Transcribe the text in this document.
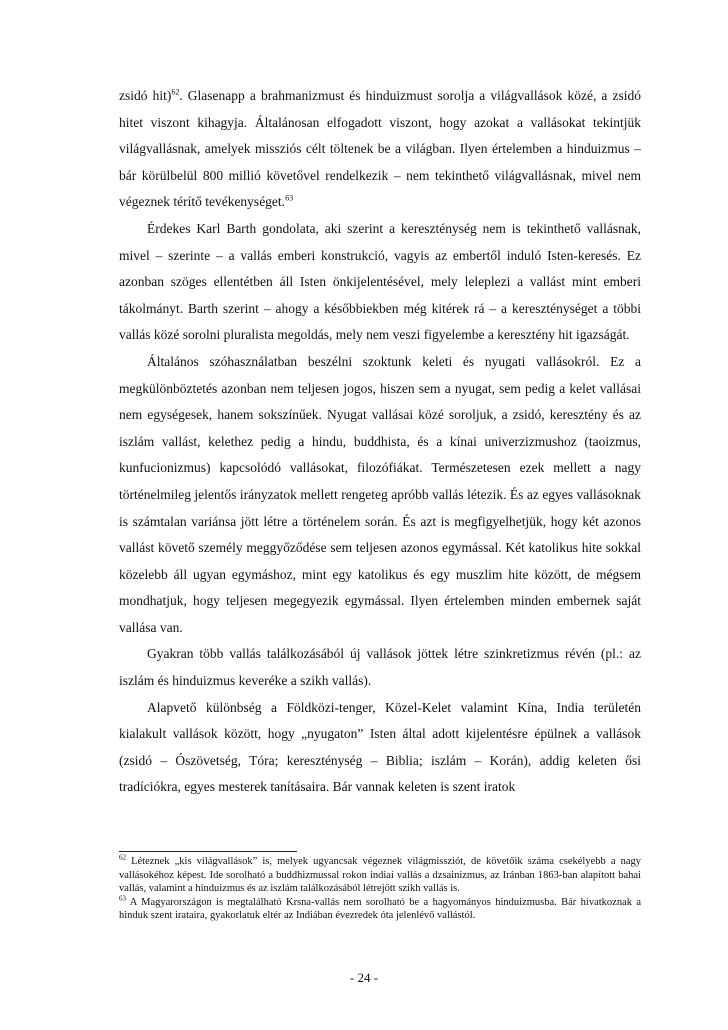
zsidó hit)$^{62}$. Glasenapp a brahmanizmust és hinduizmust sorolja a világvallások közé, a zsidó hitet viszont kihagyja. Általánosan elfogadott viszont, hogy azokat a vallásokat tekintjük világvallásnak, amelyek missziós célt töltenek be a világban. Ilyen értelemben a hinduizmus – bár körülbelül 800 millió követővel rendelkezik – nem tekinthető világvallásnak, mivel nem végeznek térítő tevékenységet.$^{63}$

Érdekes Karl Barth gondolata, aki szerint a kereszténység nem is tekinthető vallásnak, mivel – szerinte – a vallás emberi konstrukció, vagyis az embertől induló Isten-keresés. Ez azonban szöges ellentétben áll Isten önkijelentésével, mely leleplezi a vallást mint emberi tákolmányt. Barth szerint – ahogy a későbbiekben még kitérek rá – a kereszténységet a többi vallás közé sorolni pluralista megoldás, mely nem veszi figyelembe a keresztény hit igazságát.

Általános szóhasználatban beszélni szoktunk keleti és nyugati vallásokról. Ez a megkülönböztetés azonban nem teljesen jogos, hiszen sem a nyugat, sem pedig a kelet vallásai nem egységesek, hanem sokszínűek. Nyugat vallásai közé soroljuk, a zsidó, keresztény és az iszlám vallást, kelethez pedig a hindu, buddhista, és a kínai univerzizmushoz (taoizmus, kunfucionizmus) kapcsolódó vallásokat, filozófiákat. Természetesen ezek mellett a nagy történelmileg jelentős irányzatok mellett rengeteg apróbb vallás létezik. És az egyes vallásoknak is számtalan variánsa jött létre a történelem során. És azt is megfigyelhetjük, hogy két azonos vallást követő személy meggyőződése sem teljesen azonos egymással. Két katolikus hite sokkal közelebb áll ugyan egymáshoz, mint egy katolikus és egy muszlim hite között, de mégsem mondhatjuk, hogy teljesen megegyezik egymással. Ilyen értelemben minden embernek saját vallása van.

Gyakran több vallás találkozásából új vallások jöttek létre szinkretizmus révén (pl.: az iszlám és hinduizmus keveréke a szikh vallás).

Alapvető különbség a Földközi-tenger, Közel-Kelet valamint Kína, India területén kialakult vallások között, hogy „nyugaton” Isten által adott kijelentésre épülnek a vallások (zsidó – Ószövetség, Tóra; kereszténység – Biblia; iszlám – Korán), addig keleten ősi tradíciókra, egyes mesterek tanításaira. Bár vannak keleten is szent iratok

$^{62}$ Léteznek „kis világvallások” is, melyek ugyancsak végeznek világmissziót, de követőik száma csekélyebb a nagy vallásokéhoz képest. Ide sorolható a buddhizmussal rokon indiai vallás a dzsainizmus, az Iránban 1863-ban alapított bahai vallás, valamint a hinduizmus és az iszlám találkozásából létrejött szikh vallás is.

$^{63}$ A Magyarországon is megtalálható Krsna-vallás nem sorolható be a hagyományos hinduizmusba. Bár hivatkoznak a hinduk szent irataira, gyakorlatuk eltér az Indiában évezredek óta jelenlévő vallástól.

- 24 -
